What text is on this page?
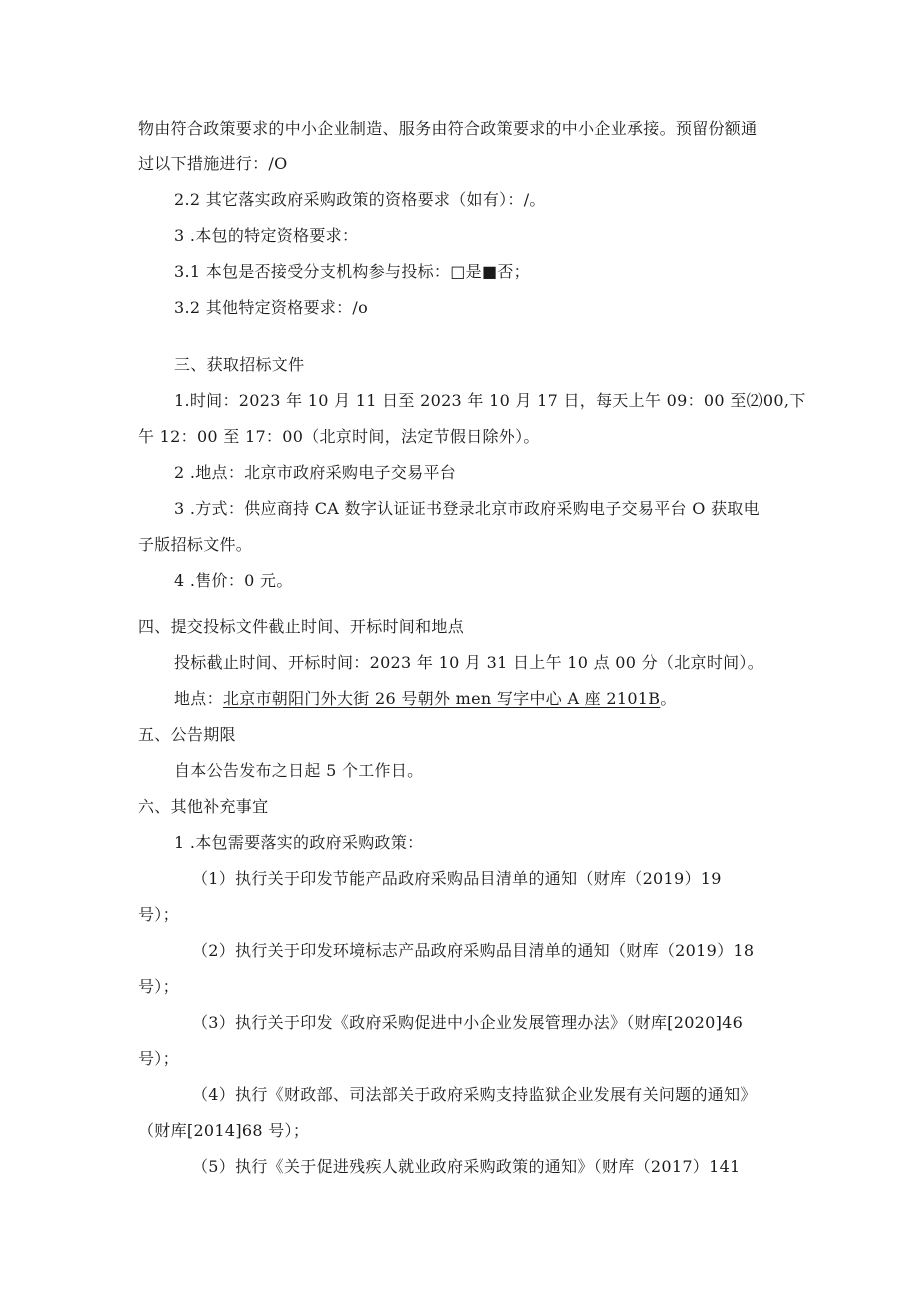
物由符合政策要求的中小企业制造、服务由符合政策要求的中小企业承接。预留份额通
过以下措施进行：/O
2.2 其它落实政府采购政策的资格要求（如有）：/。
3 .本包的特定资格要求：
3.1 本包是否接受分支机构参与投标：□是■否；
3.2 其他特定资格要求：/o
三、获取招标文件
1.时间：2023 年 10 月 11 日至 2023 年 10 月 17 日，每天上午 09：00 至⑵00,下
午 12：00 至 17：00（北京时间，法定节假日除外）。
2 .地点：北京市政府采购电子交易平台
3 .方式：供应商持 CA 数字认证证书登录北京市政府采购电子交易平台 O 获取电
子版招标文件。
4 .售价：0 元。
四、提交投标文件截止时间、开标时间和地点
投标截止时间、开标时间：2023 年 10 月 31 日上午 10 点 00 分（北京时间）。
地点：北京市朝阳门外大街 26 号朝外 men 写字中心 A 座 2101B。
五、公告期限
自本公告发布之日起 5 个工作日。
六、其他补充事宜
1 .本包需要落实的政府采购政策：
（1）执行关于印发节能产品政府采购品目清单的通知（财库（2019）19
号）；
（2）执行关于印发环境标志产品政府采购品目清单的通知（财库（2019）18
号）；
（3）执行关于印发《政府采购促进中小企业发展管理办法》（财库[2020]46
号）；
（4）执行《财政部、司法部关于政府采购支持监狱企业发展有关问题的通知》
（财库[2014]68 号）；
（5）执行《关于促进残疾人就业政府采购政策的通知》（财库（2017）141
